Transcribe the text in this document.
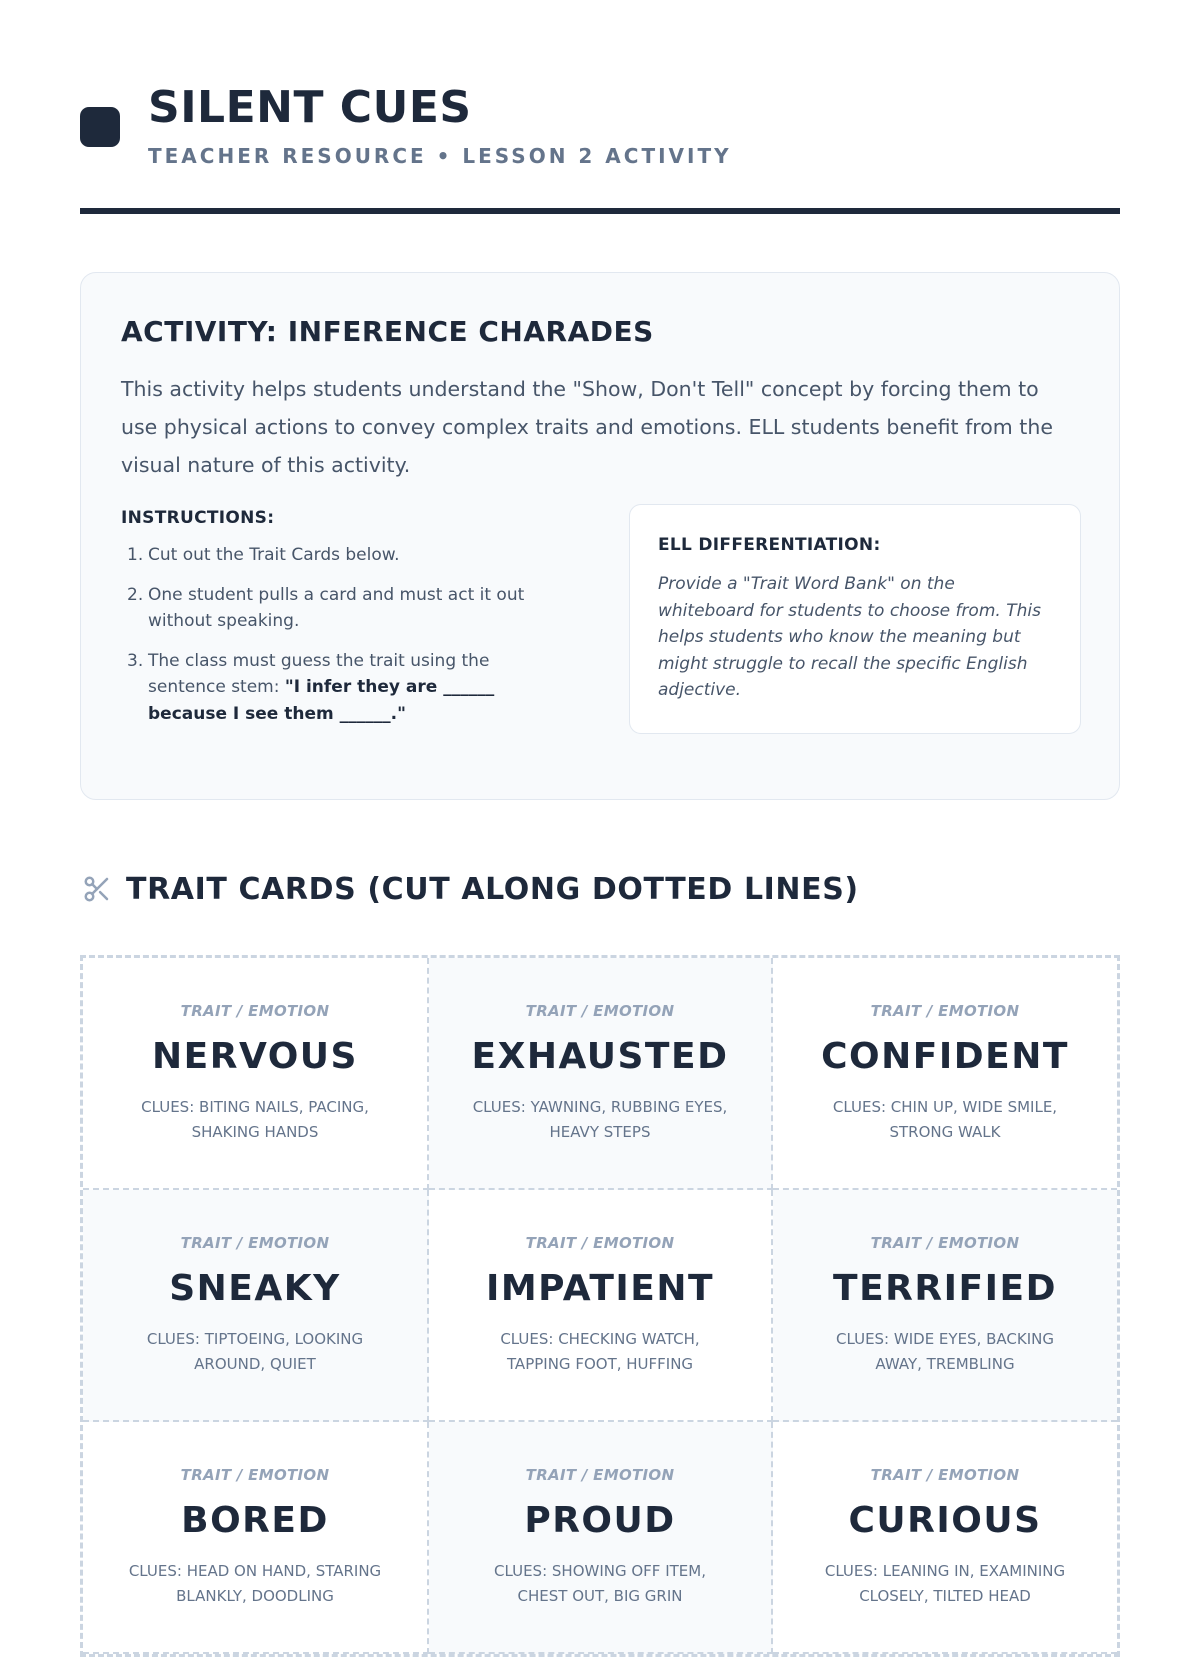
SILENT CUES
TEACHER RESOURCE • LESSON 2 ACTIVITY
ACTIVITY: INFERENCE CHARADES
This activity helps students understand the "Show, Don't Tell" concept by forcing them to use physical actions to convey complex traits and emotions. ELL students benefit from the visual nature of this activity.
INSTRUCTIONS:
1. Cut out the Trait Cards below.
2. One student pulls a card and must act it out without speaking.
3. The class must guess the trait using the sentence stem: "I infer they are ______ because I see them ______."
ELL DIFFERENTIATION:
Provide a "Trait Word Bank" on the whiteboard for students to choose from. This helps students who know the meaning but might struggle to recall the specific English adjective.
TRAIT CARDS (CUT ALONG DOTTED LINES)
TRAIT / EMOTION
NERVOUS
CLUES: BITING NAILS, PACING, SHAKING HANDS
TRAIT / EMOTION
EXHAUSTED
CLUES: YAWNING, RUBBING EYES, HEAVY STEPS
TRAIT / EMOTION
CONFIDENT
CLUES: CHIN UP, WIDE SMILE, STRONG WALK
TRAIT / EMOTION
SNEAKY
CLUES: TIPTOEING, LOOKING AROUND, QUIET
TRAIT / EMOTION
IMPATIENT
CLUES: CHECKING WATCH, TAPPING FOOT, HUFFING
TRAIT / EMOTION
TERRIFIED
CLUES: WIDE EYES, BACKING AWAY, TREMBLING
TRAIT / EMOTION
BORED
CLUES: HEAD ON HAND, STARING BLANKLY, DOODLING
TRAIT / EMOTION
PROUD
CLUES: SHOWING OFF ITEM, CHEST OUT, BIG GRIN
TRAIT / EMOTION
CURIOUS
CLUES: LEANING IN, EXAMINING CLOSELY, TILTED HEAD
